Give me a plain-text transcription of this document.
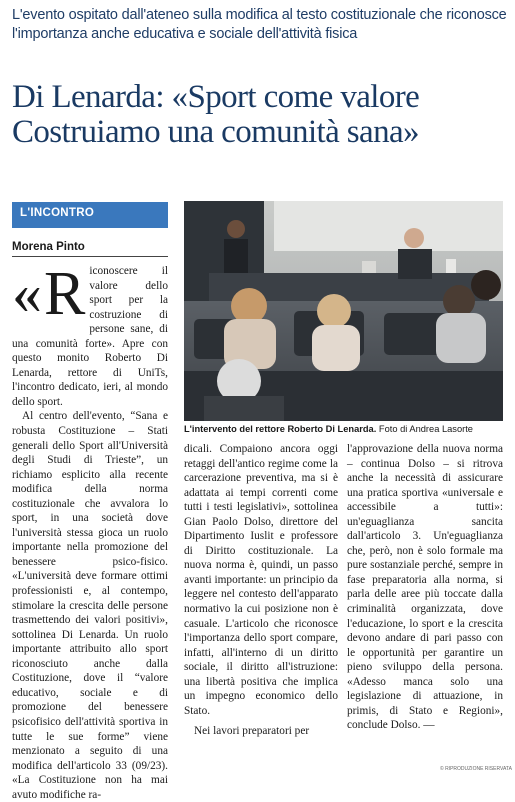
L'evento ospitato dall'ateneo sulla modifica al testo costituzionale che riconosce l'importanza anche educativa e sociale dell'attività fisica
Di Lenarda: «Sport come valore
Costruiamo una comunità sana»
L'INCONTRO
Morena Pinto
« R iconoscere il valore dello sport per la costruzione di persone sane, di una comunità forte». Apre con questo monito Roberto Di Lenarda, rettore di UniTs, l'incontro dedicato, ieri, al mondo dello sport.

Al centro dell'evento, “Sana e robusta Costituzione – Stati generali dello Sport all'Università degli Studi di Trieste”, un richiamo esplicito alla recente modifica della norma costituzionale che avvalora lo sport, in una società dove l'università stessa gioca un ruolo importante nella promozione del benessere psico-fisico. «L'università deve formare ottimi professionisti e, al contempo, stimolare la crescita delle persone trasmettendo dei valori positivi», sottolinea Di Lenarda. Un ruolo importante attribuito allo sport riconosciuto anche dalla Costituzione, dove il “valore educativo, sociale e di promozione del benessere psicofisico dell'attività sportiva in tutte le sue forme” viene menzionato a seguito di una modifica dell'articolo 33 (09/23). «La Costituzione non ha mai avuto modifiche ra-

L'intervento del rettore Roberto Di Lenarda. Foto di Andrea Lasorte

dicali. Compaiono ancora oggi retaggi dell'antico regime come la carcerazione preventiva, ma si è adattata ai tempi correnti come tutti i testi legislativi», sottolinea Gian Paolo Dolso, direttore del Dipartimento Iuslit e professore di Diritto costituzionale. La nuova norma è, quindi, un passo avanti importante: un principio da leggere nel contesto dell'apparato normativo la cui posizione non è casuale. L'articolo che riconosce l'importanza dello sport compare, infatti, all'interno di un diritto sociale, il diritto all'istruzione: una libertà positiva che implica un impegno economico dello Stato.

Nei lavori preparatori per

l'approvazione della nuova norma – continua Dolso – si ritrova anche la necessità di assicurare una pratica sportiva «universale e accessibile a tutti»: un'eguaglianza sancita dall'articolo 3. Un'eguaglianza che, però, non è solo formale ma pure sostanziale perché, sempre in fase preparatoria alla norma, si parla delle aree più toccate dalla criminalità organizzata, dove l'educazione, lo sport e la crescita devono andare di pari passo con le opportunità per garantire un pieno sviluppo della persona. «Adesso manca solo una legislazione di attuazione, in primis, di Stato e Regioni», conclude Dolso. —

© RIPRODUZIONE RISERVATA
